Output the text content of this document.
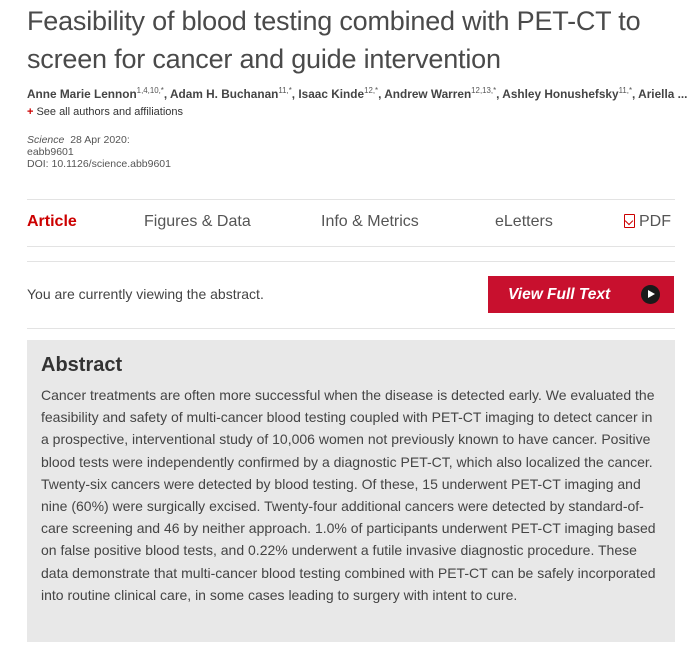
Feasibility of blood testing combined with PET-CT to screen for cancer and guide intervention
Anne Marie Lennon$^{1,4,10,*}$, Adam H. Buchanan$^{11,*}$, Isaac Kinde$^{12,*}$, Andrew Warren$^{12,13,*}$, Ashley Honushefsky$^{11,*}$, Ariella ...
+ See all authors and affiliations
Science 28 Apr 2020:
eabb9601
DOI: 10.1126/science.abb9601
Article	Figures & Data	Info & Metrics	eLetters	PDF
You are currently viewing the abstract.	View Full Text
Abstract

Cancer treatments are often more successful when the disease is detected early. We evaluated the feasibility and safety of multi-cancer blood testing coupled with PET-CT imaging to detect cancer in a prospective, interventional study of 10,006 women not previously known to have cancer. Positive blood tests were independently confirmed by a diagnostic PET-CT, which also localized the cancer. Twenty-six cancers were detected by blood testing. Of these, 15 underwent PET-CT imaging and nine (60%) were surgically excised. Twenty-four additional cancers were detected by standard-of-care screening and 46 by neither approach. 1.0% of participants underwent PET-CT imaging based on false positive blood tests, and 0.22% underwent a futile invasive diagnostic procedure. These data demonstrate that multi-cancer blood testing combined with PET-CT can be safely incorporated into routine clinical care, in some cases leading to surgery with intent to cure.
